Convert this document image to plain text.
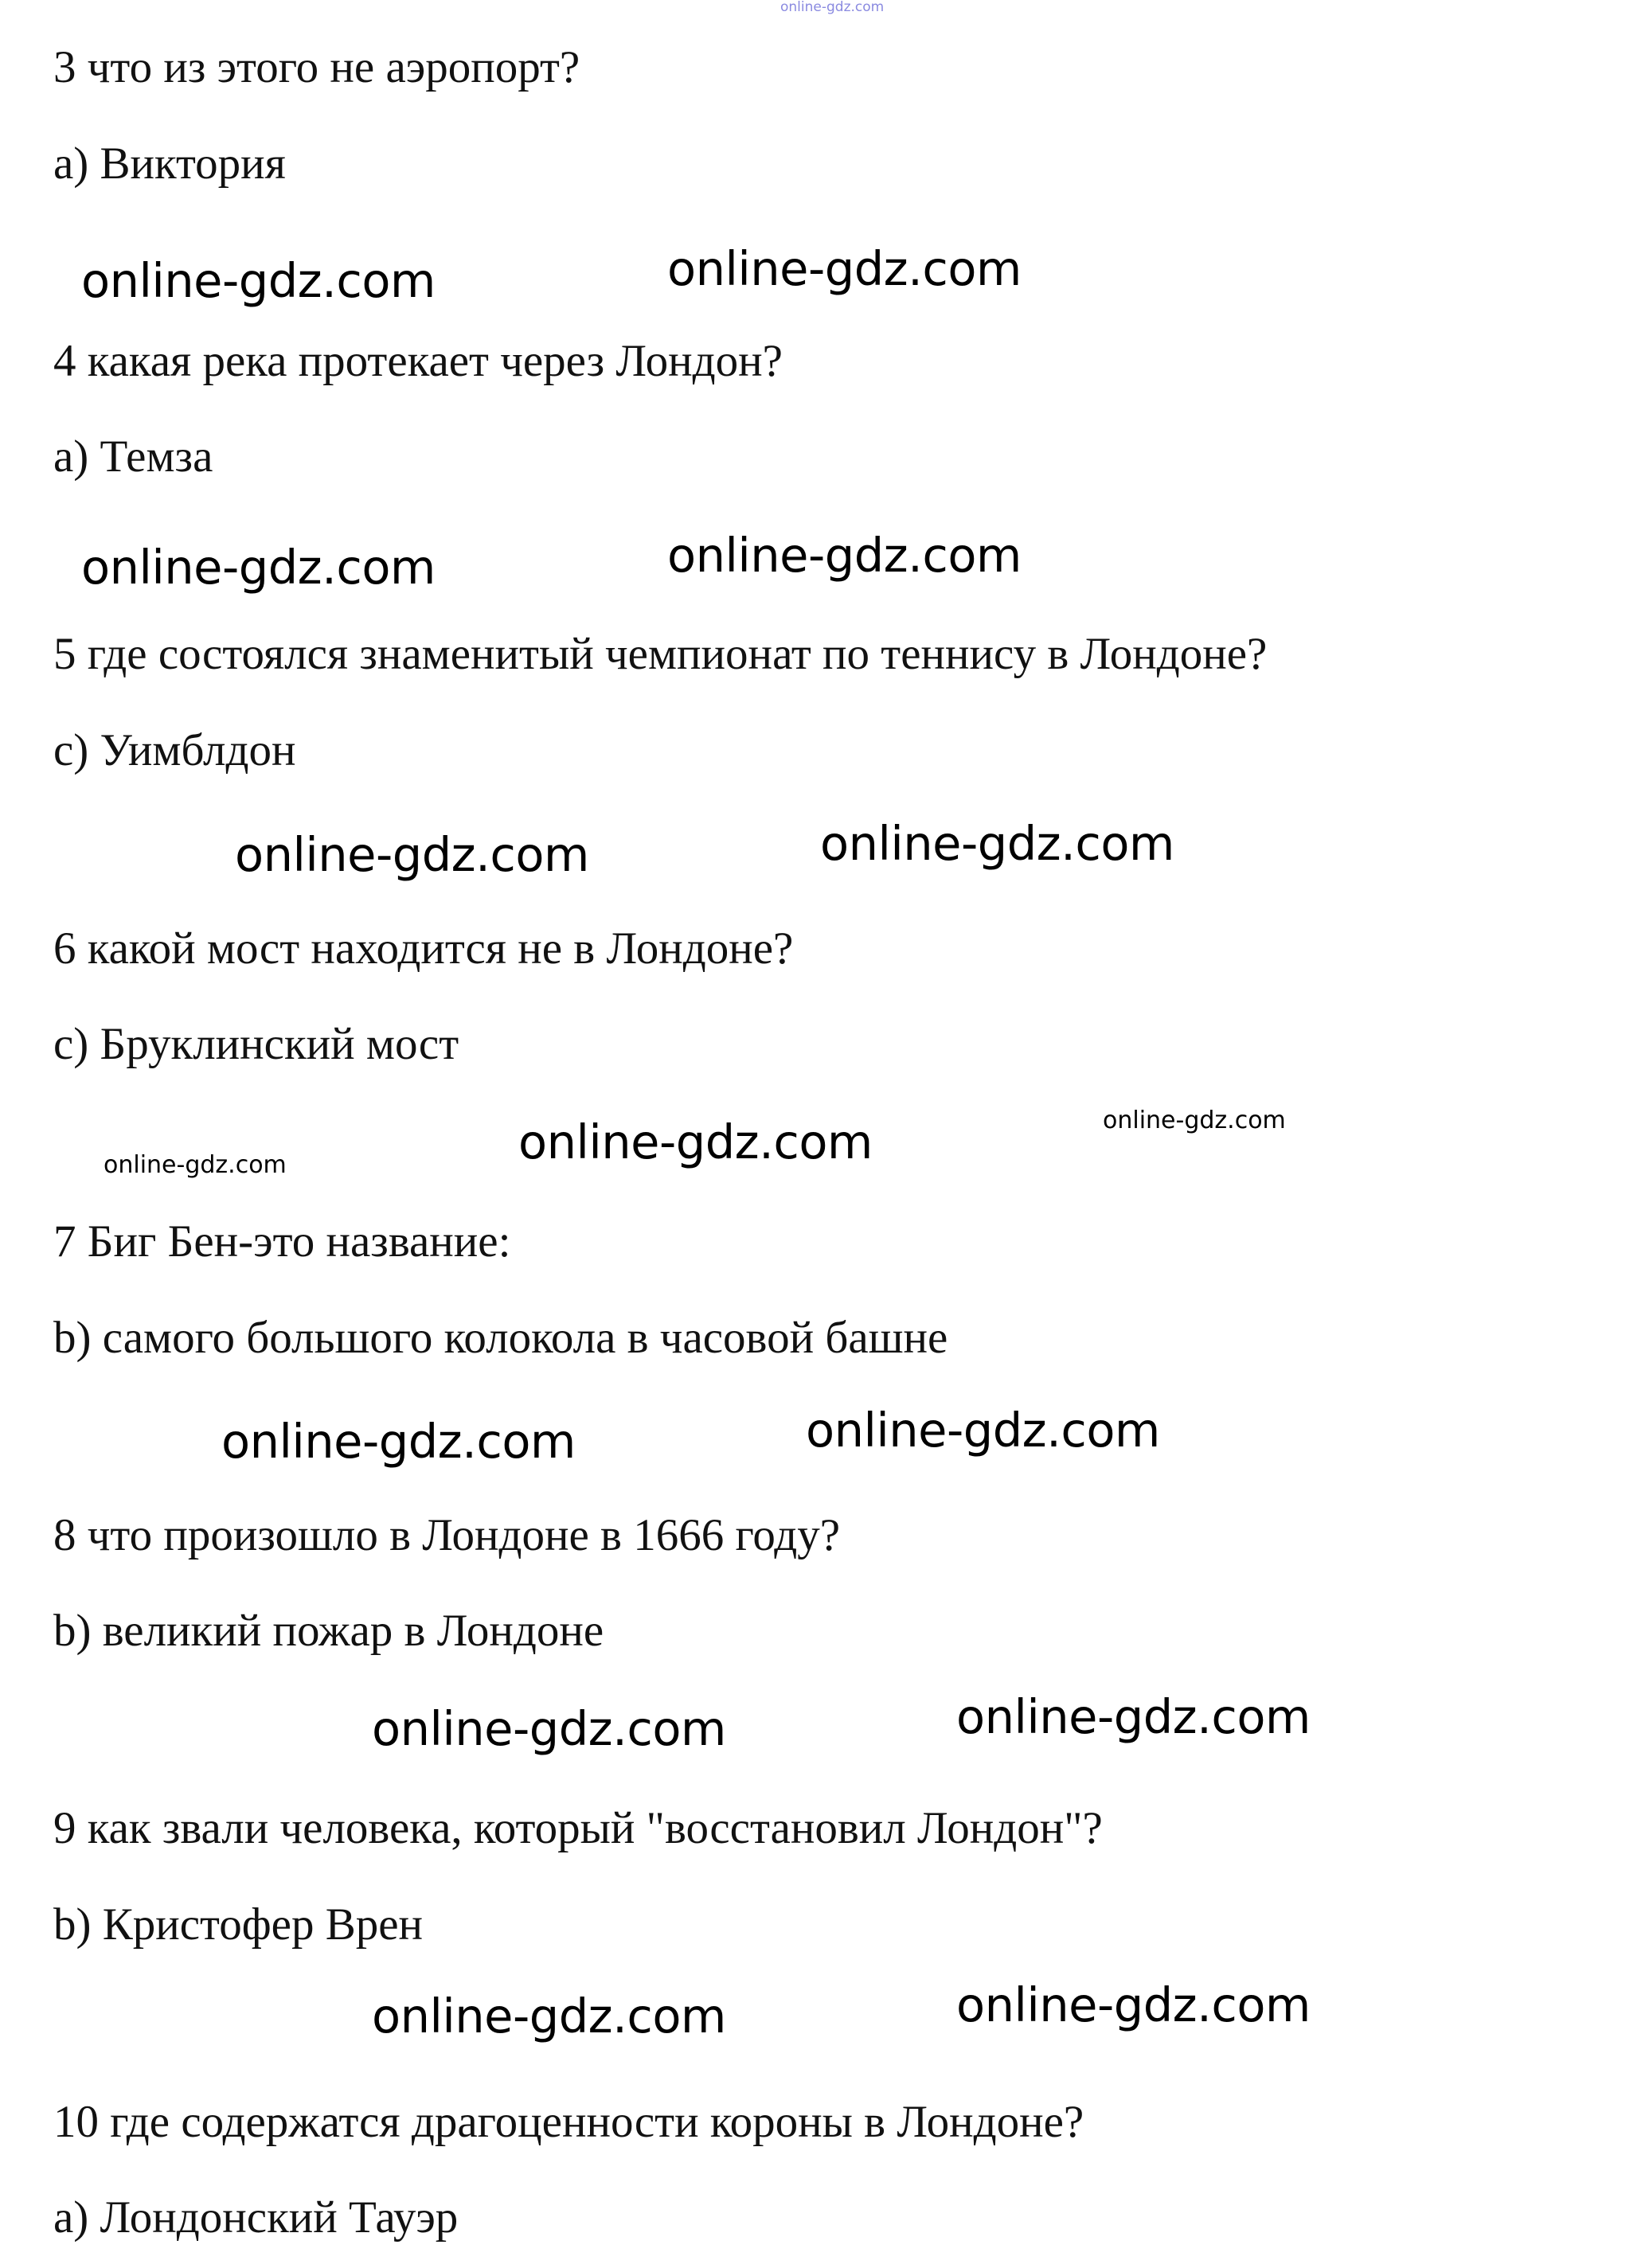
online-gdz.com

3 что из этого не аэропорт?

a) Виктория

online-gdz.com	online-gdz.com

4 какая река протекает через Лондон?

a) Темза

online-gdz.com	online-gdz.com

5 где состоялся знаменитый чемпионат по теннису в Лондоне?

c) Уимблдон

online-gdz.com	online-gdz.com

6 какой мост находится не в Лондоне?

c) Бруклинский мост

online-gdz.com	online-gdz.com	online-gdz.com

7 Биг Бен-это название:

b) самого большого колокола в часовой башне

online-gdz.com	online-gdz.com

8 что произошло в Лондоне в 1666 году?

b) великий пожар в Лондоне

online-gdz.com	online-gdz.com

9 как звали человека, который "восстановил Лондон"?

b) Кристофер Врен

online-gdz.com	online-gdz.com

10 где содержатся драгоценности короны в Лондоне?

a) Лондонский Тауэр
